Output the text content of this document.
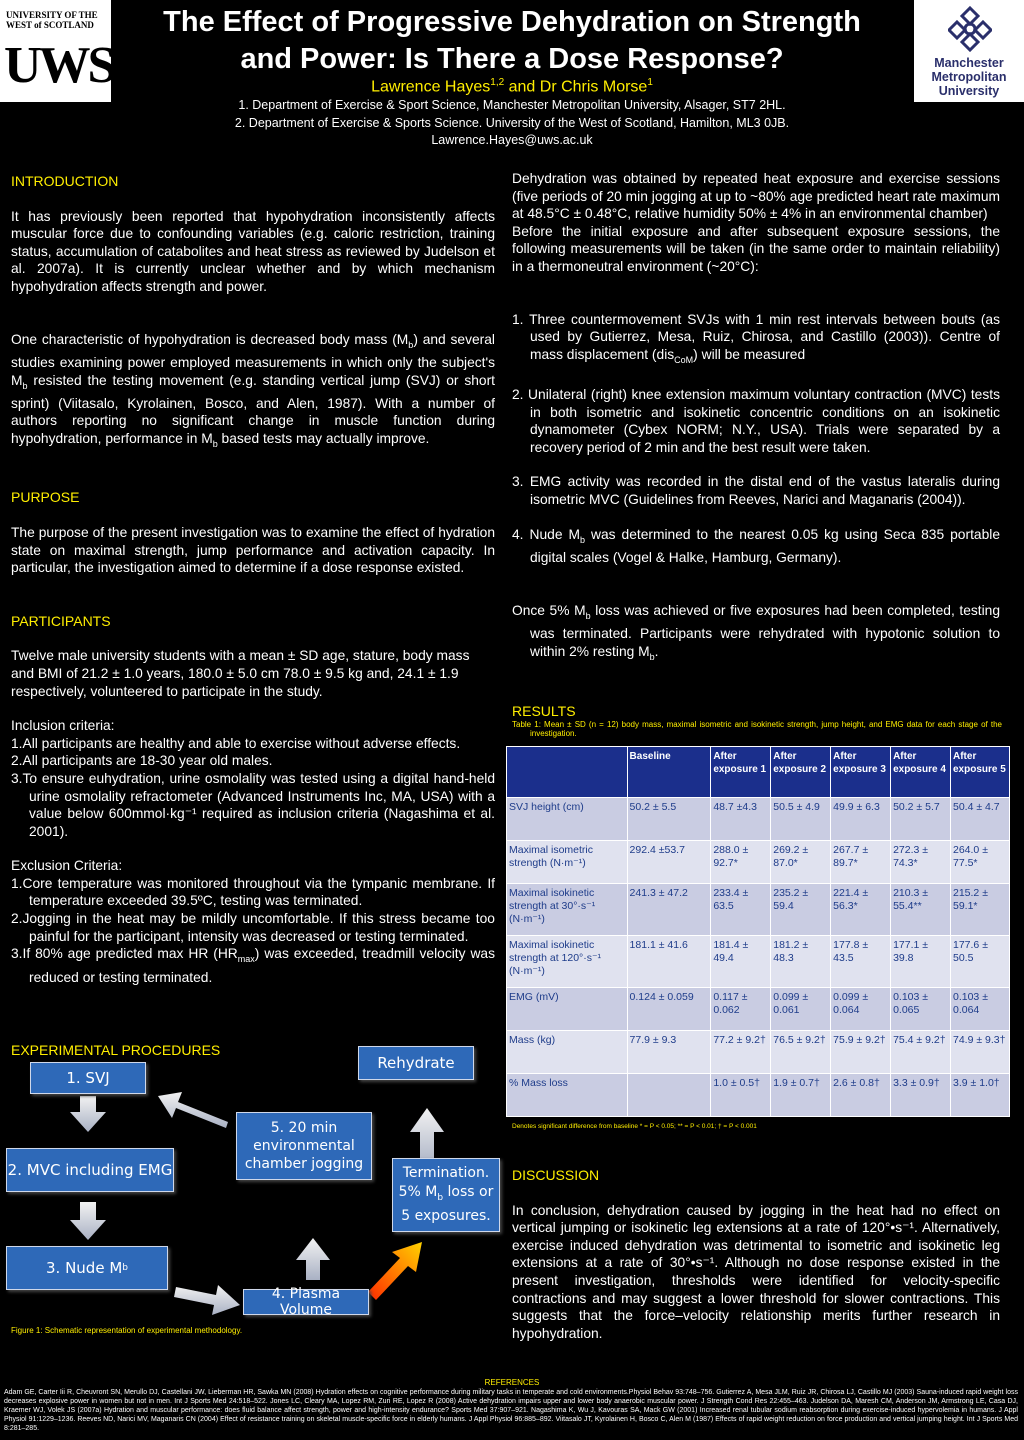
UNIVERSITY OF THE
WEST of SCOTLAND
UWS	Manchester
Metropolitan
University
The Effect of Progressive Dehydration on Strength
and Power: Is There a Dose Response?
Lawrence Hayes$^{1,2}$ and Dr Chris Morse$^1$
1. Department of Exercise & Sport Science, Manchester Metropolitan University, Alsager, ST7 2HL.
2. Department of Exercise & Sports Science. University of the West of Scotland, Hamilton, ML3 0JB.
Lawrence.Hayes@uws.ac.uk
INTRODUCTION
It has previously been reported that hypohydration inconsistently affects muscular force due to confounding variables (e.g. caloric restriction, training status, accumulation of catabolites and heat stress as reviewed by Judelson et al. 2007a). It is currently unclear whether and by which mechanism hypohydration affects strength and power.
One characteristic of hypohydration is decreased body mass $(M_b)$ and several studies examining power employed measurements in which only the subject's $M_b$ resisted the testing movement (e.g. standing vertical jump (SVJ) or short sprint) (Viitasalo, Kyrolainen, Bosco, and Alen, 1987). With a number of authors reporting no significant change in muscle function during hypohydration, performance in $M_b$ based tests may actually improve.
PURPOSE
The purpose of the present investigation was to examine the effect of hydration state on maximal strength, jump performance and activation capacity. In particular, the investigation aimed to determine if a dose response existed.
PARTICIPANTS
Twelve male university students with a mean ± SD age, stature, body mass and BMI of 21.2 ± 1.0 years, 180.0 ± 5.0 cm 78.0 ± 9.5 kg and, 24.1 ± 1.9 respectively, volunteered to participate in the study.
Inclusion criteria:
1.All participants are healthy and able to exercise without adverse effects.
2.All participants are 18-30 year old males.
3.To ensure euhydration, urine osmolality was tested using a digital hand-held urine osmolality refractometer (Advanced Instruments Inc, MA, USA) with a value below 600mmol·kg⁻¹ required as inclusion criteria (Nagashima et al. 2001).
Exclusion Criteria:
1.Core temperature was monitored throughout via the tympanic membrane. If temperature exceeded 39.5ºC, testing was terminated.
2.Jogging in the heat may be mildly uncomfortable. If this stress became too painful for the participant, intensity was decreased or testing terminated.
3.If 80% age predicted max HR $(HR_{max})$ was exceeded, treadmill velocity was reduced or testing terminated.
EXPERIMENTAL PROCEDURES
1. SVJ
2. MVC including EMG
3. Nude M b
4. Plasma Volume
5. 20 min environmental chamber jogging
Rehydrate
Termination. 5% $M_b$ loss or 5 exposures.
Figure 1: Schematic representation of experimental methodology.
Dehydration was obtained by repeated heat exposure and exercise sessions (five periods of 20 min jogging at up to ~80% age predicted heart rate maximum at 48.5°C ± 0.48°C, relative humidity 50% ± 4% in an environmental chamber)
Before the initial exposure and after subsequent exposure sessions, the following measurements will be taken (in the same order to maintain reliability) in a thermoneutral environment (~20°C):
1. Three countermovement SVJs with 1 min rest intervals between bouts (as used by Gutierrez, Mesa, Ruiz, Chirosa, and Castillo (2003)). Centre of mass displacement (dis$_{CoM}$) will be measured
2. Unilateral (right) knee extension maximum voluntary contraction (MVC) tests in both isometric and isokinetic concentric conditions on an isokinetic dynamometer (Cybex NORM; N.Y., USA). Trials were separated by a recovery period of 2 min and the best result were taken.
3. EMG activity was recorded in the distal end of the vastus lateralis during isometric MVC (Guidelines from Reeves, Narici and Maganaris (2004)).
4. Nude $M_b$ was determined to the nearest 0.05 kg using Seca 835 portable digital scales (Vogel & Halke, Hamburg, Germany).
Once 5% $M_b$ loss was achieved or five exposures had been completed, testing was terminated. Participants were rehydrated with hypotonic solution to within 2% resting $M_b$.
RESULTS
Table 1: Mean ± SD (n = 12) body mass, maximal isometric and isokinetic strength, jump height, and EMG data for each stage of the investigation.
	Baseline	After exposure 1	After exposure 2	After exposure 3	After exposure 4	After exposure 5
SVJ height (cm)	50.2 ± 5.5	48.7 ±4.3	50.5 ± 4.9	49.9 ± 6.3	50.2 ± 5.7	50.4 ± 4.7
Maximal isometric strength (N·m⁻¹)	292.4 ±53.7	288.0 ± 92.7*	269.2 ± 87.0*	267.7 ± 89.7*	272.3 ± 74.3*	264.0 ± 77.5*
Maximal isokinetic strength at 30°·s⁻¹ (N·m⁻¹)	241.3 ± 47.2	233.4 ± 63.5	235.2 ± 59.4	221.4 ± 56.3*	210.3 ± 55.4**	215.2 ± 59.1*
Maximal isokinetic strength at 120°·s⁻¹ (N·m⁻¹)	181.1 ± 41.6	181.4 ± 49.4	181.2 ± 48.3	177.8 ± 43.5	177.1 ± 39.8	177.6 ± 50.5
EMG (mV)	0.124 ± 0.059	0.117 ± 0.062	0.099 ± 0.061	0.099 ± 0.064	0.103 ± 0.065	0.103 ± 0.064
Mass (kg)	77.9 ± 9.3	77.2 ± 9.2†	76.5 ± 9.2†	75.9 ± 9.2†	75.4 ± 9.2†	74.9 ± 9.3†
% Mass loss		1.0 ± 0.5†	1.9 ± 0.7†	2.6 ± 0.8†	3.3 ± 0.9†	3.9 ± 1.0†
Denotes significant difference from baseline * = P < 0.05; ** = P < 0.01; † = P < 0.001
DISCUSSION
In conclusion, dehydration caused by jogging in the heat had no effect on vertical jumping or isokinetic leg extensions at a rate of 120°•s⁻¹. Alternatively, exercise induced dehydration was detrimental to isometric and isokinetic leg extensions at a rate of 30°•s⁻¹. Although no dose response existed in the present investigation, thresholds were identified for velocity-specific contractions and may suggest a lower threshold for slower contractions. This suggests that the force–velocity relationship merits further research in hypohydration.
REFERENCES
Adam GE, Carter Iii R, Cheuvront SN, Merullo DJ, Castellani JW, Lieberman HR, Sawka MN (2008) Hydration effects on cognitive performance during military tasks in temperate and cold environments.Physiol Behav 93:748–756. Gutierrez A, Mesa JLM, Ruiz JR, Chirosa LJ, Castillo MJ (2003) Sauna-induced rapid weight loss decreases explosive power in women but not in men. Int J Sports Med 24:518–522. Jones LC, Cleary MA, Lopez RM, Zuri RE, Lopez R (2008) Active dehydration impairs upper and lower body anaerobic muscular power. J Strength Cond Res 22:455–463. Judelson DA, Maresh CM, Anderson JM, Armstrong LE, Casa DJ, Kraemer WJ, Volek JS (2007a) Hydration and muscular performance: does fluid balance affect strength, power and high-intensity endurance? Sports Med 37:907–921. Nagashima K, Wu J, Kavouras SA, Mack GW (2001) Increased renal tubular sodium reabsorption during exercise-induced hypervolemia in humans. J Appl Physiol 91:1229–1236. Reeves ND, Narici MV, Maganaris CN (2004) Effect of resistance training on skeletal muscle-specific force in elderly humans. J Appl Physiol 96:885–892. Viitasalo JT, Kyrolainen H, Bosco C, Alen M (1987) Effects of rapid weight reduction on force production and vertical jumping height. Int J Sports Med 8:281–285.
